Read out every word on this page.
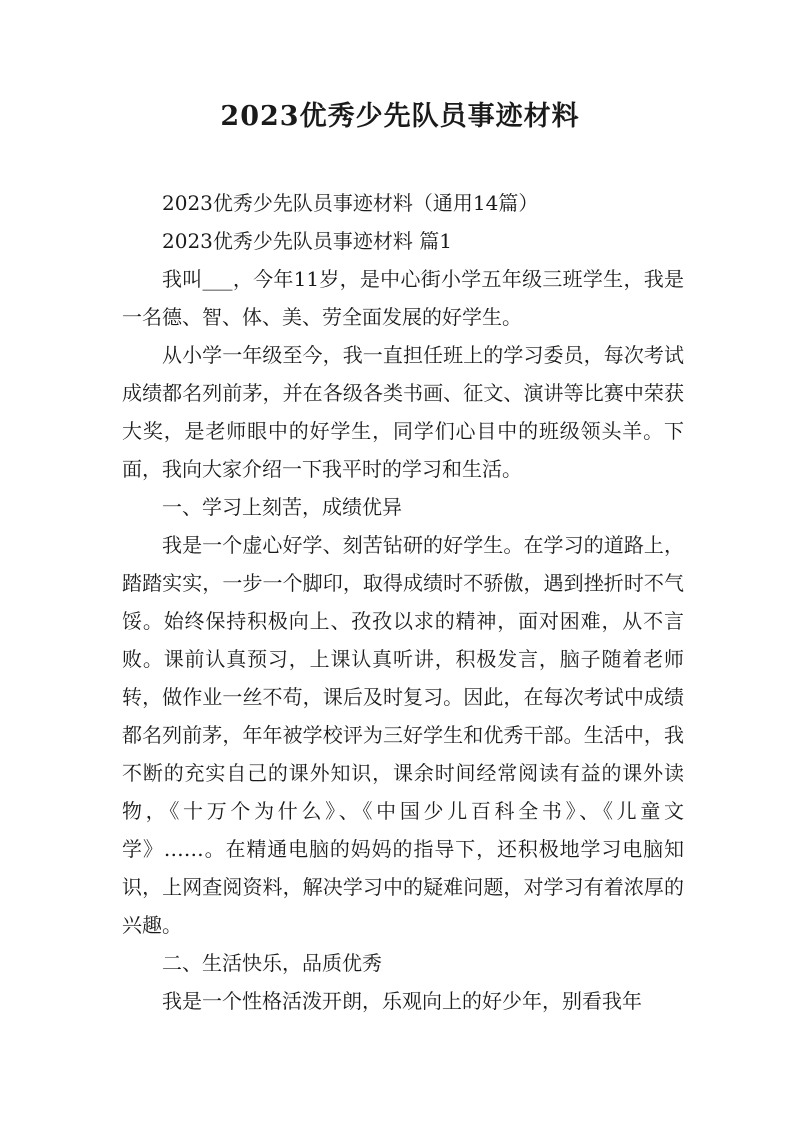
2023优秀少先队员事迹材料

2023优秀少先队员事迹材料（通用14篇）

2023优秀少先队员事迹材料 篇1

我叫___，今年11岁，是中心街小学五年级三班学生，我是一名德、智、体、美、劳全面发展的好学生。

从小学一年级至今，我一直担任班上的学习委员，每次考试成绩都名列前茅，并在各级各类书画、征文、演讲等比赛中荣获大奖，是老师眼中的好学生，同学们心目中的班级领头羊。下面，我向大家介绍一下我平时的学习和生活。

一、学习上刻苦，成绩优异

我是一个虚心好学、刻苦钻研的好学生。在学习的道路上，踏踏实实，一步一个脚印，取得成绩时不骄傲，遇到挫折时不气馁。始终保持积极向上、孜孜以求的精神，面对困难，从不言败。课前认真预习，上课认真听讲，积极发言，脑子随着老师转，做作业一丝不苟，课后及时复习。因此，在每次考试中成绩都名列前茅，年年被学校评为三好学生和优秀干部。生活中，我不断的充实自己的课外知识，课余时间经常阅读有益的课外读物，《十万个为什么》、《中国少儿百科全书》、《儿童文学》……。在精通电脑的妈妈的指导下，还积极地学习电脑知识，上网查阅资料，解决学习中的疑难问题，对学习有着浓厚的兴趣。

二、生活快乐，品质优秀

我是一个性格活泼开朗，乐观向上的好少年，别看我年
